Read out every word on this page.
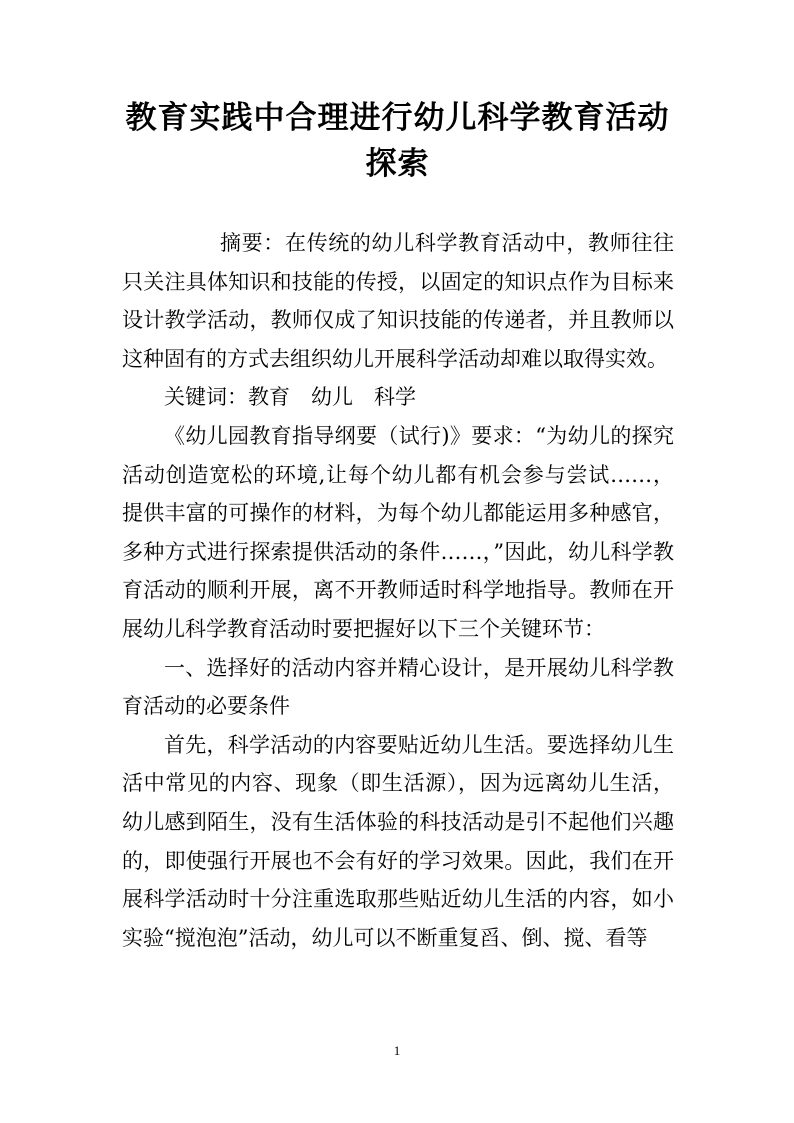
教育实践中合理进行幼儿科学教育活动探索

摘要：在传统的幼儿科学教育活动中，教师往往只关注具体知识和技能的传授，以固定的知识点作为目标来设计教学活动，教师仅成了知识技能的传递者，并且教师以这种固有的方式去组织幼儿开展科学活动却难以取得实效。

关键词：教育　幼儿　科学

《幼儿园教育指导纲要（试行)》要求：“为幼儿的探究活动创造宽松的环境,让每个幼儿都有机会参与尝试……，提供丰富的可操作的材料，为每个幼儿都能运用多种感官，多种方式进行探索提供活动的条件……，”因此，幼儿科学教育活动的顺利开展，离不开教师适时科学地指导。教师在开展幼儿科学教育活动时要把握好以下三个关键环节：

一、选择好的活动内容并精心设计，是开展幼儿科学教育活动的必要条件

首先，科学活动的内容要贴近幼儿生活。要选择幼儿生活中常见的内容、现象（即生活源），因为远离幼儿生活，幼儿感到陌生，没有生活体验的科技活动是引不起他们兴趣的，即使强行开展也不会有好的学习效果。因此，我们在开展科学活动时十分注重选取那些贴近幼儿生活的内容，如小实验“搅泡泡”活动，幼儿可以不断重复舀、倒、搅、看等

1
